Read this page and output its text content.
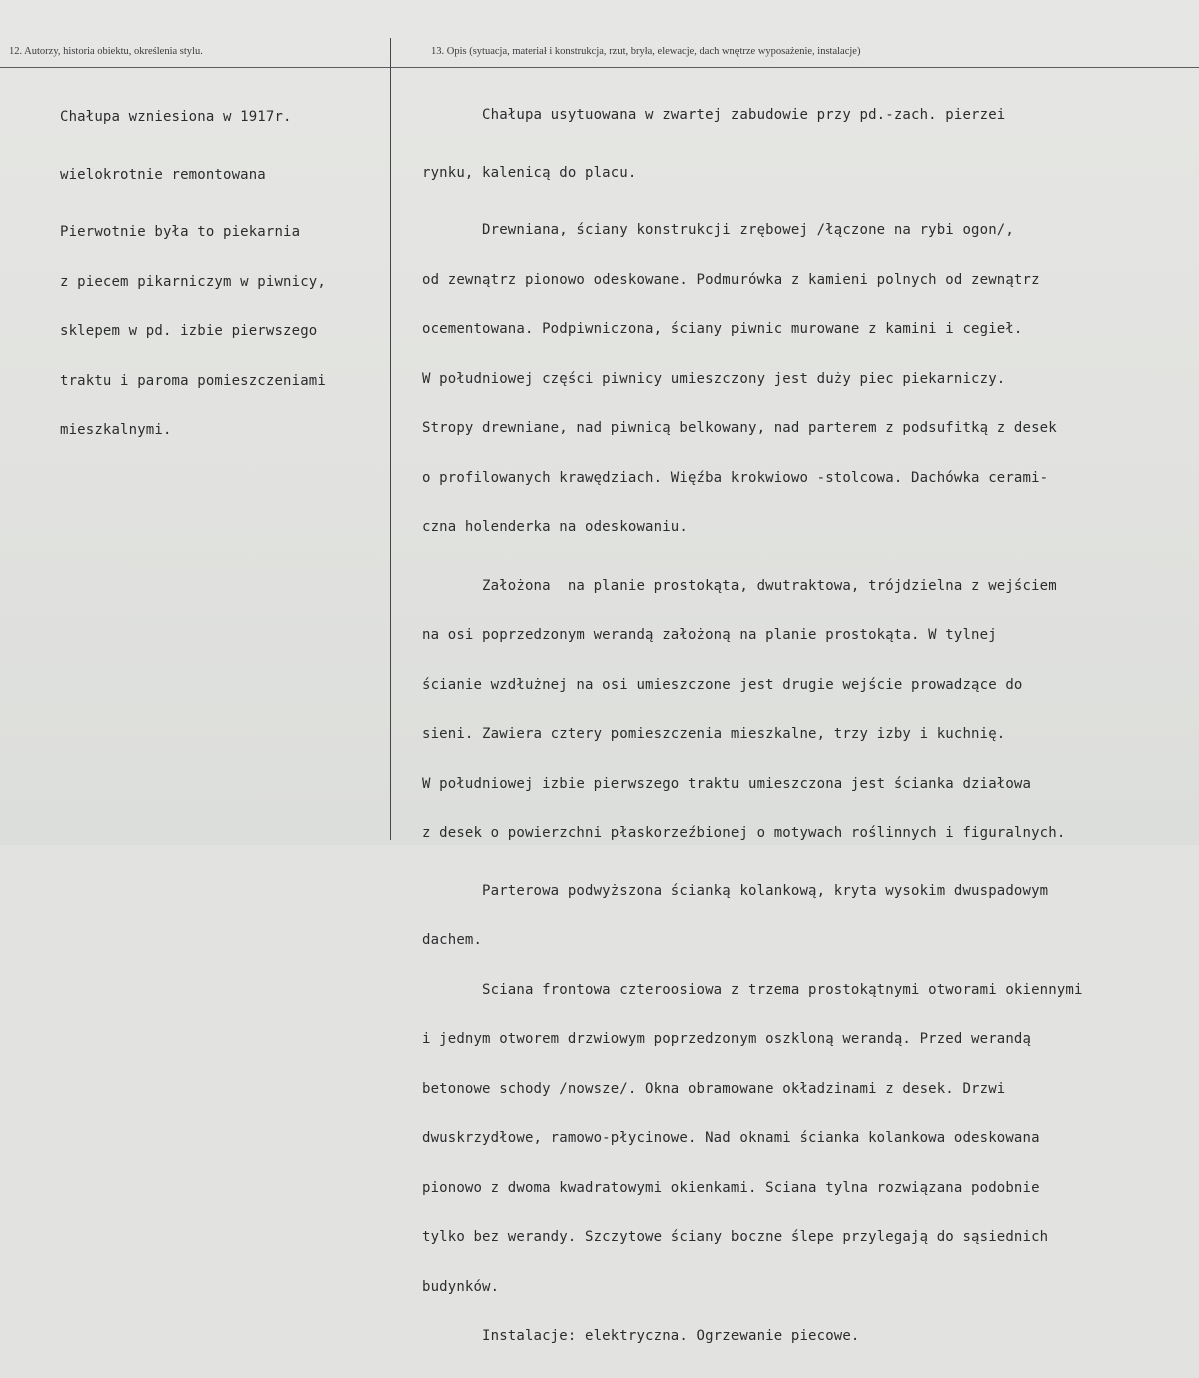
12. Autorzy, historia obiektu, określenia stylu.	13. Opis (sytuacja, materiał i konstrukcja, rzut, bryła, elewacje, dach wnętrze wyposażenie, instalacje)

Chałupa wzniesiona w 1917r.

wielokrotnie remontowana

Pierwotnie była to piekarnia

z piecem pikarniczym w piwnicy,

sklepem w pd. izbie pierwszego

traktu i paroma pomieszczeniami

mieszkalnymi.

Chałupa usytuowana w zwartej zabudowie przy pd.-zach. pierzei

rynku, kalenicą do placu.

Drewniana, ściany konstrukcji zrębowej /łączone na rybi ogon/,

od zewnątrz pionowo odeskowane. Podmurówka z kamieni polnych od zewnątrz

ocementowana. Podpiwniczona, ściany piwnic murowane z kamini i cegieł.

W południowej części piwnicy umieszczony jest duży piec piekarniczy.

Stropy drewniane, nad piwnicą belkowany, nad parterem z podsufitką z desek

o profilowanych krawędziach. Więźba krokwiowo -stolcowa. Dachówka cerami-

czna holenderka na odeskowaniu.

Założona  na planie prostokąta, dwutraktowa, trójdzielna z wejściem

na osi poprzedzonym werandą założoną na planie prostokąta. W tylnej

ścianie wzdłużnej na osi umieszczone jest drugie wejście prowadzące do

sieni. Zawiera cztery pomieszczenia mieszkalne, trzy izby i kuchnię.

W południowej izbie pierwszego traktu umieszczona jest ścianka działowa

z desek o powierzchni płaskorzeźbionej o motywach roślinnych i figuralnych.

Parterowa podwyższona ścianką kolankową, kryta wysokim dwuspadowym

dachem.

Sciana frontowa czteroosiowa z trzema prostokątnymi otworami okiennymi

i jednym otworem drzwiowym poprzedzonym oszkloną werandą. Przed werandą

betonowe schody /nowsze/. Okna obramowane okładzinami z desek. Drzwi

dwuskrzydłowe, ramowo-płycinowe. Nad oknami ścianka kolankowa odeskowana

pionowo z dwoma kwadratowymi okienkami. Sciana tylna rozwiązana podobnie

tylko bez werandy. Szczytowe ściany boczne ślepe przylegają do sąsiednich

budynków.

Instalacje: elektryczna. Ogrzewanie piecowe.
